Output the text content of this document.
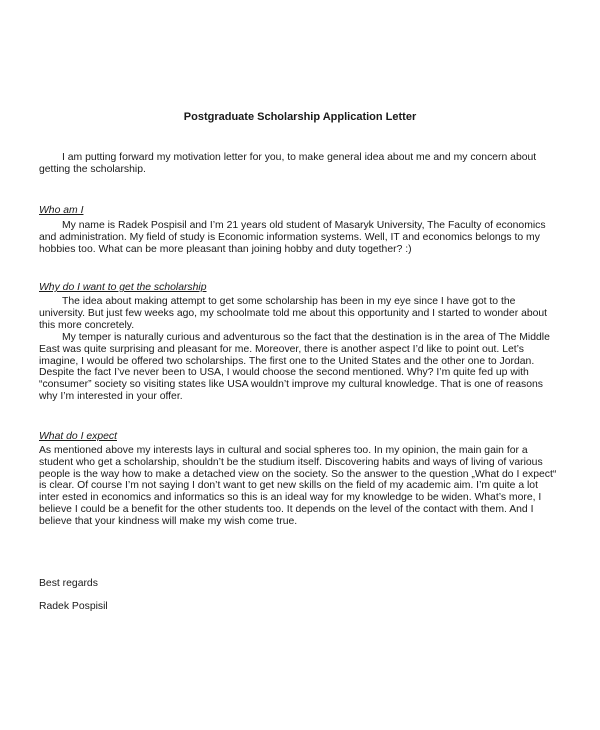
Postgraduate Scholarship Application Letter
I am putting forward my motivation letter for you, to make general idea about me and my concern about
getting the scholarship.
Who am I
My name is Radek Pospisil and I’m 21 years old student of Masaryk University, The Faculty of economics
and administration. My field of study is Economic information systems. Well, IT and economics belongs to my
hobbies too. What can be more pleasant than joining hobby and duty together? :)
Why do I want to get the scholarship
The idea about making attempt to get some scholarship has been in my eye since I have got to the
university. But just few weeks ago, my schoolmate told me about this opportunity and I started to wonder about
this more concretely.
My temper is naturally curious and adventurous so the fact that the destination is in the area of The Middle
East was quite surprising and pleasant for me. Moreover, there is another aspect I’d like to point out. Let’s
imagine, I would be offered two scholarships. The first one to the United States and the other one to Jordan.
Despite the fact I’ve never been to USA, I would choose the second mentioned. Why? I’m quite fed up with
“consumer” society so visiting states like USA wouldn’t improve my cultural knowledge. That is one of reasons
why I’m interested in your offer.
What do I expect
As mentioned above my interests lays in cultural and social spheres too. In my opinion, the main gain for a
student who get a scholarship, shouldn’t be the studium itself. Discovering habits and ways of living of various
people is the way how to make a detached view on the society. So the answer to the question „What do I expect“
is clear. Of course I’m not saying I don’t want to get new skills on the field of my academic aim. I’m quite a lot
inter ested in economics and informatics so this is an ideal way for my knowledge to be widen. What’s more, I
believe I could be a benefit for the other students too. It depends on the level of the contact with them. And I
believe that your kindness will make my wish come true.
Best regards
Radek Pospisil
